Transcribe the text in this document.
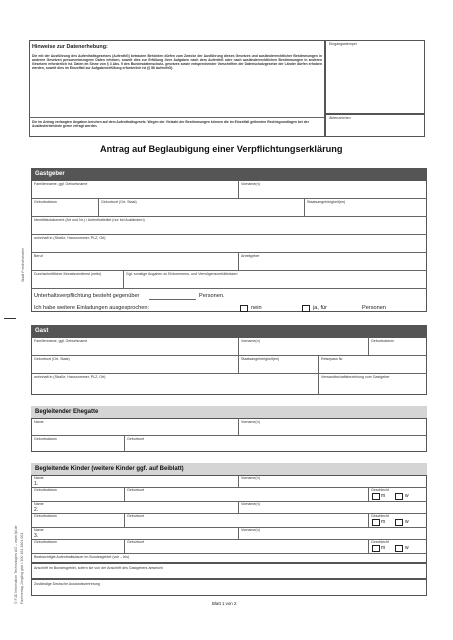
Hinweise zur Datenerhebung:
Die mit der Ausführung des Aufenthaltsgesetzes (AufenthG) betrauten Behörden dürfen zum Zwecke der Ausführung dieses Gesetzes und ausländerrechtlicher Bestimmungen in anderen Gesetzen personenbezogene Daten erheben, soweit dies zur Erfüllung ihrer Aufgaben nach dem AufenthG oder nach ausländerrechtlichen Bestimmungen in anderen Gesetzen erforderlich ist. Daten im Sinne von § 3 Abs. 9 des Bundesdatenschutz- gesetzes sowie entsprechender Vorschriften der Datenschutzgesetze der Länder dürfen erhoben werden, soweit dies im Einzelfall zur Aufgabenerfüllung erforderlich ist (§ 86 AufenthG).
Die im Antrag verlangten Angaben beruhen auf dem Aufenthaltsgesetz. Wegen der Vielzahl der Bestimmungen können die im Einzelfall geltenden Rechtsgrundlagen bei der Ausländerbehörde gerne erfragt werden.
Eingangsstempel
Aktenzeichen
Antrag auf Beglaubigung einer Verpflichtungserklärung
Stadt Friedrichshafen
© FJD Information Technologies AG – www.fjd.de Fachverlag Jüngling gbb • 100 181 2601 001
Gastgeber
Familienname, ggf. Geburtsname	Vorname(n)
Geburtsdatum	Geburtsort (Ort, Staat)	Staatsangehörigkeit(en)
Identitätsdokument (Art und Nr.) / Aufenthaltstitel (nur bei Ausländern)
wohnhaft in (Straße, Hausnummer, PLZ, Ort)
Beruf	Arbeitgeber
Durchschnittlicher Monatsverdienst (netto)	Ggf. sonstige Angaben zu Einkommens- und Vermögensverhältnissen
Unterhaltsverpflichtung besteht gegenüber	Personen.
Ich habe weitere Einladungen ausgesprochen:	nein	ja, für	Personen
Gast
Familienname, ggf. Geburtsname	Vorname(n)	Geburtsdatum
Geburtsort (Ort, Staat)	Staatsangehörigkeit(en)	Reisepass Nr.
wohnhaft in (Straße, Hausnummer, PLZ, Ort)	Verwandtschaftsbeziehung zum Gastgeber
Begleitender Ehegatte
Name	Vorname(n)
Geburtsdatum	Geburtsort
Begleitende Kinder (weitere Kinder ggf. auf Beiblatt)
Name	Vorname(n)
1.
Geburtsdatum	Geburtsort	Geschlecht
m	w
Name	Vorname(n)
2.
Geburtsdatum	Geburtsort	Geschlecht
m	w
Name	Vorname(n)
3.
Geburtsdatum	Geburtsort	Geschlecht
m	w
Beabsichtigte Aufenthaltsdauer im Bundesgebiet (von – bis)
Anschrift im Bundesgebiet, sofern sie von der Anschrift des Gastgebers abweicht
Zuständige Deutsche Auslandsvertretung
Blatt 1 von 2
